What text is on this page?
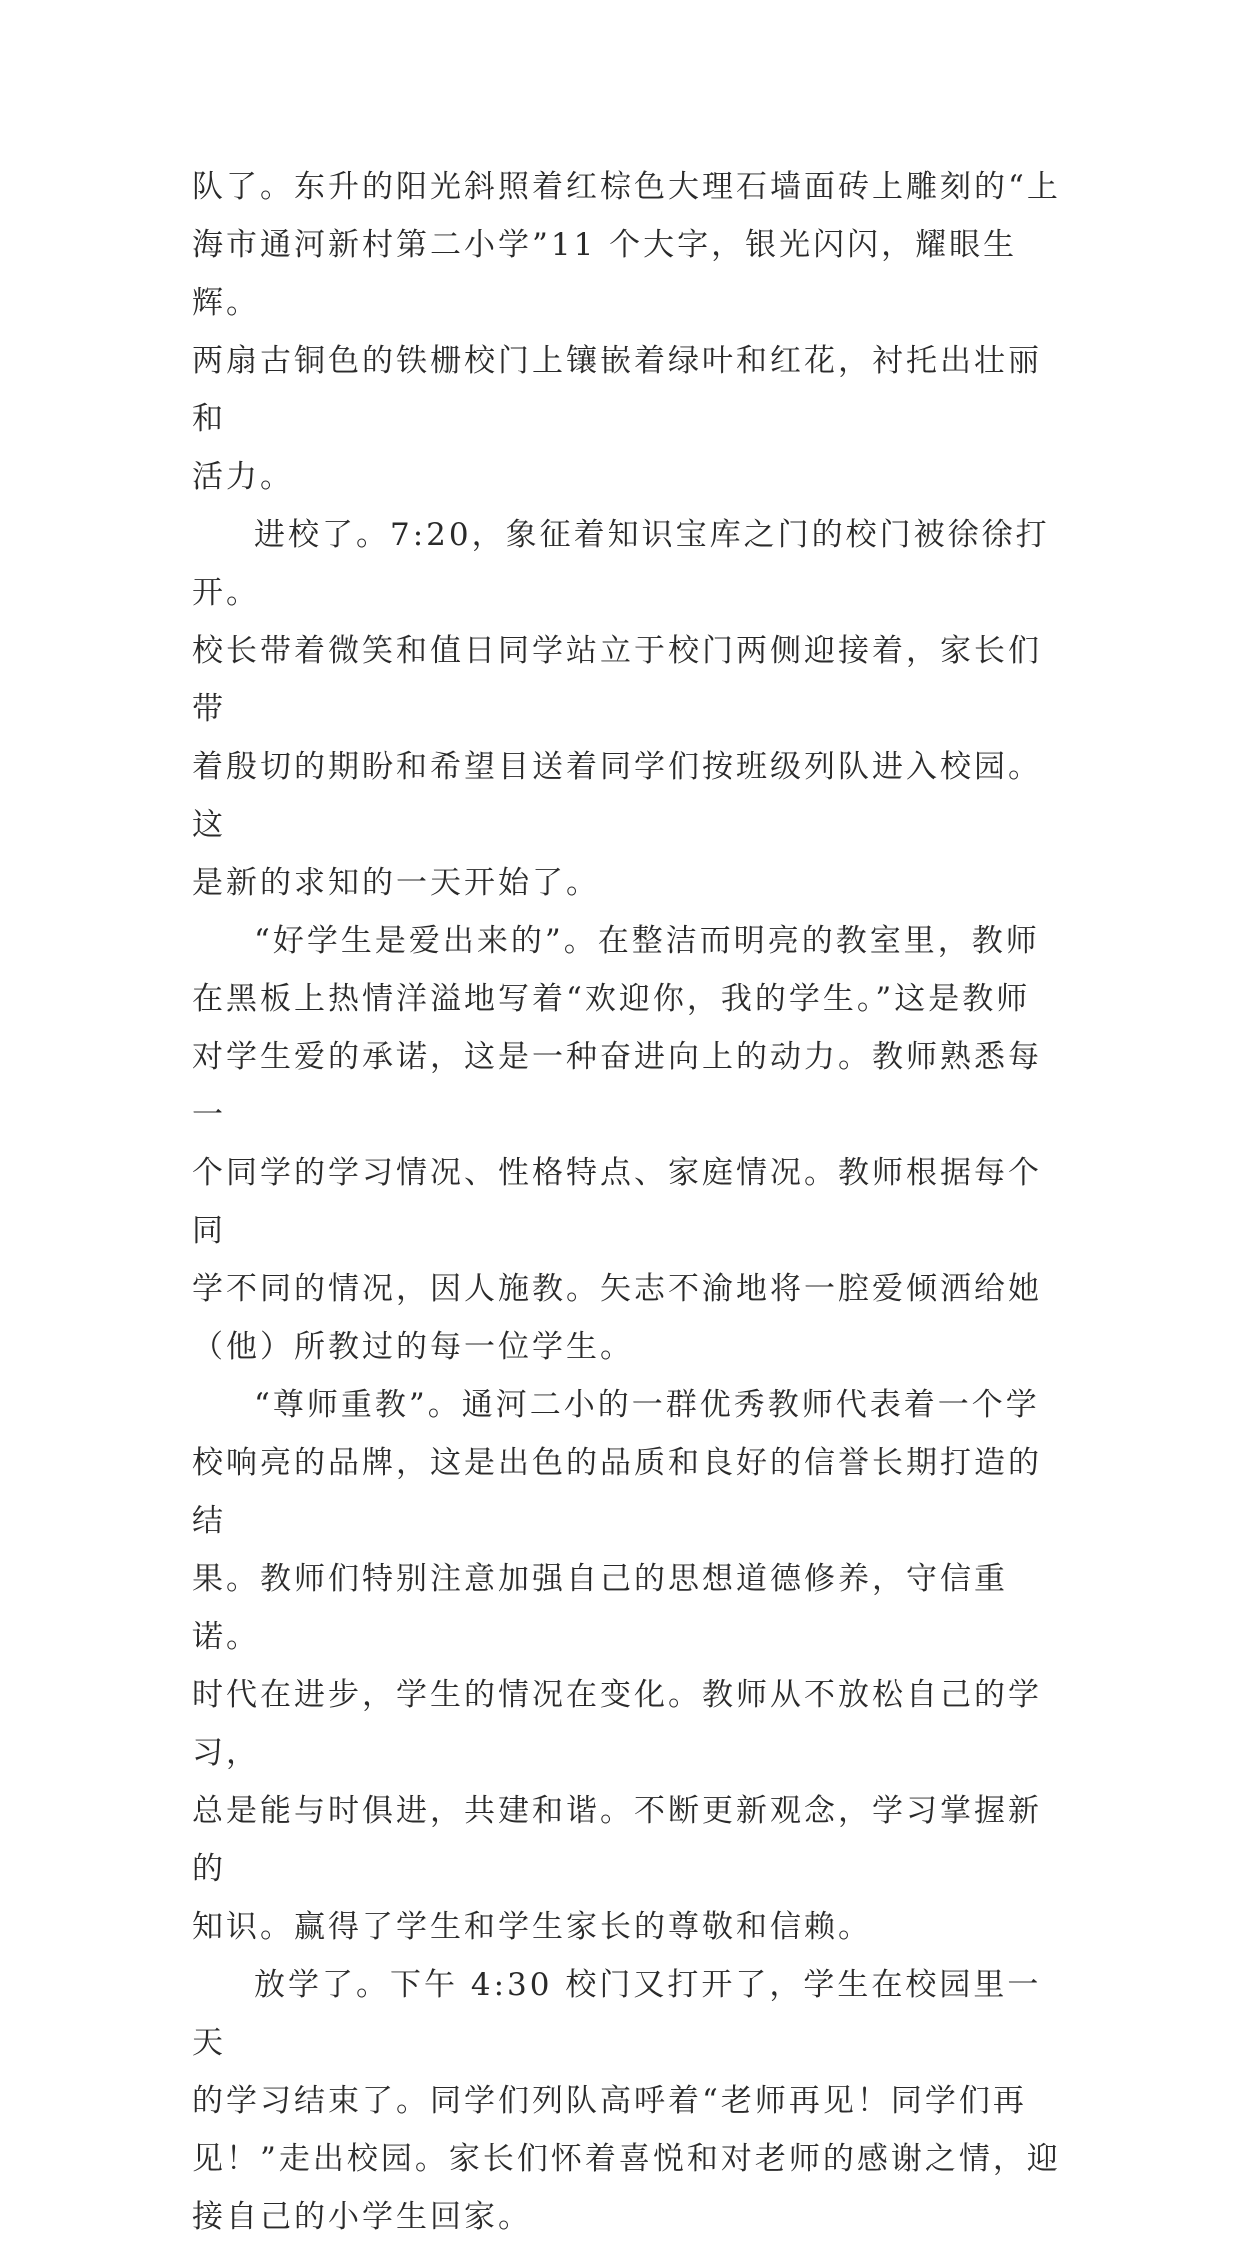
队了。东升的阳光斜照着红棕色大理石墙面砖上雕刻的“上
海市通河新村第二小学”11 个大字，银光闪闪，耀眼生辉。
两扇古铜色的铁栅校门上镶嵌着绿叶和红花，衬托出壮丽和
活力。

进校了。7:20，象征着知识宝库之门的校门被徐徐打开。
校长带着微笑和值日同学站立于校门两侧迎接着，家长们带
着殷切的期盼和希望目送着同学们按班级列队进入校园。这
是新的求知的一天开始了。

“好学生是爱出来的”。在整洁而明亮的教室里，教师
在黑板上热情洋溢地写着“欢迎你，我的学生。”这是教师
对学生爱的承诺，这是一种奋进向上的动力。教师熟悉每一
个同学的学习情况、性格特点、家庭情况。教师根据每个同
学不同的情况，因人施教。矢志不渝地将一腔爱倾洒给她
（他）所教过的每一位学生。

“尊师重教”。通河二小的一群优秀教师代表着一个学
校响亮的品牌，这是出色的品质和良好的信誉长期打造的结
果。教师们特别注意加强自己的思想道德修养，守信重诺。
时代在进步，学生的情况在变化。教师从不放松自己的学习，
总是能与时俱进，共建和谐。不断更新观念，学习掌握新的
知识。赢得了学生和学生家长的尊敬和信赖。

放学了。下午 4:30 校门又打开了，学生在校园里一天
的学习结束了。同学们列队高呼着“老师再见！同学们再
见！”走出校园。家长们怀着喜悦和对老师的感谢之情，迎
接自己的小学生回家。
